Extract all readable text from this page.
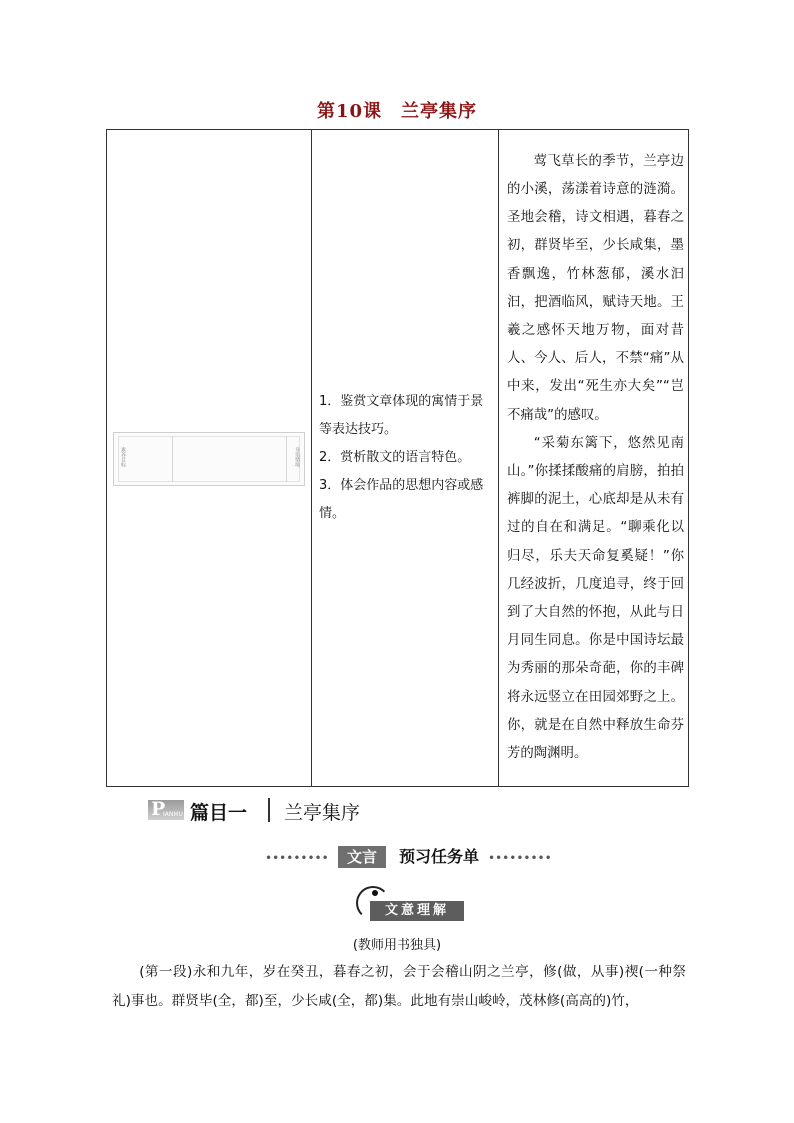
第10课　兰亭集序
素养目标	导语情境

1．鉴赏文章体现的寓情于景等表达技巧。
2．赏析散文的语言特色。
3．体会作品的思想内容或感情。

莺飞草长的季节，兰亭边的小溪，荡漾着诗意的涟漪。圣地会稽，诗文相遇，暮春之初，群贤毕至，少长咸集，墨香飘逸，竹林葱郁，溪水汩汩，把酒临风，赋诗天地。王羲之感怀天地万物，面对昔人、今人、后人，不禁“痛”从中来，发出“死生亦大矣”“岂不痛哉”的感叹。

“采菊东篱下，悠然见南山。”你揉揉酸痛的肩膀，拍拍裤脚的泥土，心底却是从未有过的自在和满足。“聊乘化以归尽，乐夫天命复奚疑！”你几经波折，几度追寻，终于回到了大自然的怀抱，从此与日月同生同息。你是中国诗坛最为秀丽的那朵奇葩，你的丰碑将永远竖立在田园郊野之上。你，就是在自然中释放生命芬芳的陶渊明。

P
IANMU 篇目一 兰亭集序
•••••••••	文言	预习任务单 •••••••••
文意理解
(教师用书独具)

(第一段)永和九年，岁在癸丑，暮春之初，会于会稽山阴之兰亭，修(做，从事)禊(一种祭礼)事也。群贤毕(全，都)至，少长咸(全，都)集。此地有崇山峻岭，茂林修(高高的)竹，
